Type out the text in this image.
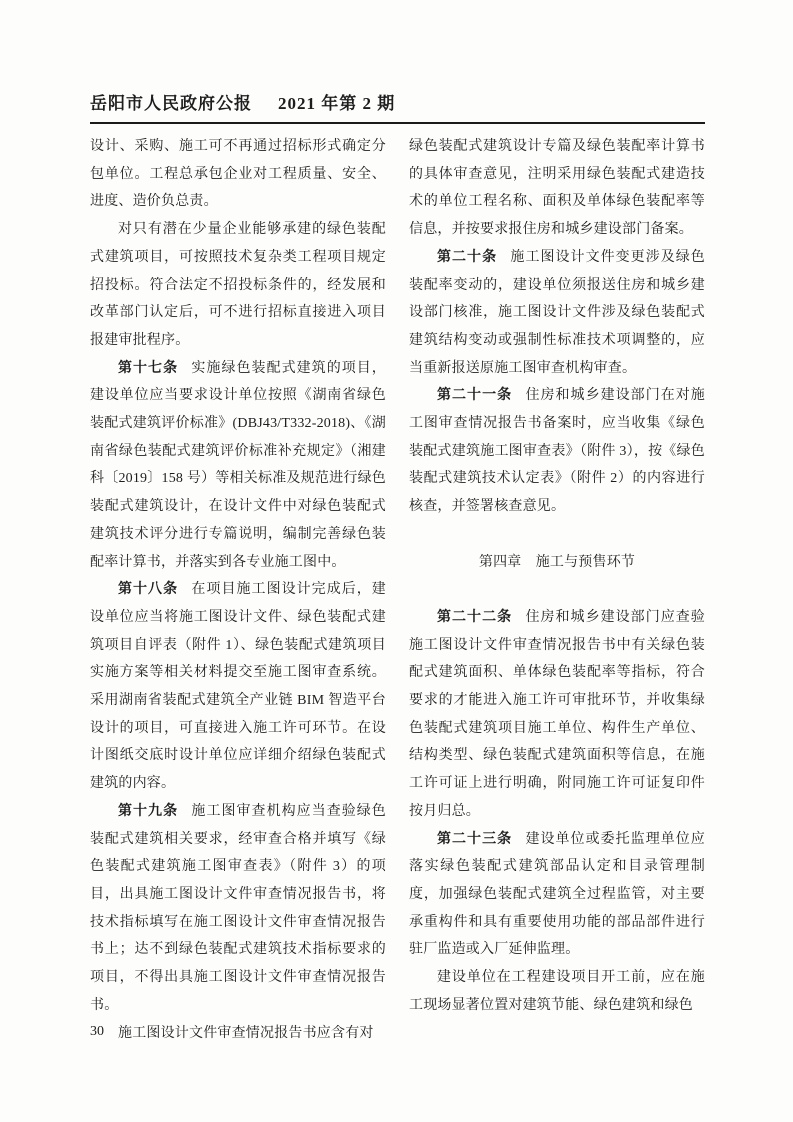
岳阳市人民政府公报 2021 年第 2 期

设计、采购、施工可不再通过招标形式确定分包单位。工程总承包企业对工程质量、安全、进度、造价负总责。

对只有潜在少量企业能够承建的绿色装配式建筑项目，可按照技术复杂类工程项目规定招投标。符合法定不招投标条件的，经发展和改革部门认定后，可不进行招标直接进入项目报建审批程序。

第十七条 实施绿色装配式建筑的项目，建设单位应当要求设计单位按照《湖南省绿色装配式建筑评价标准》(DBJ43/T332-2018)、《湖南省绿色装配式建筑评价标准补充规定》（湘建科〔2019〕158 号）等相关标准及规范进行绿色装配式建筑设计，在设计文件中对绿色装配式建筑技术评分进行专篇说明，编制完善绿色装配率计算书，并落实到各专业施工图中。

第十八条 在项目施工图设计完成后，建设单位应当将施工图设计文件、绿色装配式建筑项目自评表（附件 1）、绿色装配式建筑项目实施方案等相关材料提交至施工图审查系统。采用湖南省装配式建筑全产业链 BIM 智造平台设计的项目，可直接进入施工许可环节。在设计图纸交底时设计单位应详细介绍绿色装配式建筑的内容。

第十九条 施工图审查机构应当查验绿色装配式建筑相关要求，经审查合格并填写《绿色装配式建筑施工图审查表》（附件 3）的项目，出具施工图设计文件审查情况报告书，将技术指标填写在施工图设计文件审查情况报告书上；达不到绿色装配式建筑技术指标要求的项目，不得出具施工图设计文件审查情况报告书。

施工图设计文件审查情况报告书应含有对

绿色装配式建筑设计专篇及绿色装配率计算书的具体审查意见，注明采用绿色装配式建造技术的单位工程名称、面积及单体绿色装配率等信息，并按要求报住房和城乡建设部门备案。

第二十条 施工图设计文件变更涉及绿色装配率变动的，建设单位须报送住房和城乡建设部门核准，施工图设计文件涉及绿色装配式建筑结构变动或强制性标准技术项调整的，应当重新报送原施工图审查机构审查。

第二十一条 住房和城乡建设部门在对施工图审查情况报告书备案时，应当收集《绿色装配式建筑施工图审查表》（附件 3），按《绿色装配式建筑技术认定表》（附件 2）的内容进行核查，并签署核查意见。

第四章　施工与预售环节

第二十二条 住房和城乡建设部门应查验施工图设计文件审查情况报告书中有关绿色装配式建筑面积、单体绿色装配率等指标，符合要求的才能进入施工许可审批环节，并收集绿色装配式建筑项目施工单位、构件生产单位、结构类型、绿色装配式建筑面积等信息，在施工许可证上进行明确，附同施工许可证复印件按月归总。

第二十三条 建设单位或委托监理单位应落实绿色装配式建筑部品认定和目录管理制度，加强绿色装配式建筑全过程监管，对主要承重构件和具有重要使用功能的部品部件进行驻厂监造或入厂延伸监理。

建设单位在工程建设项目开工前，应在施工现场显著位置对建筑节能、绿色建筑和绿色

30
